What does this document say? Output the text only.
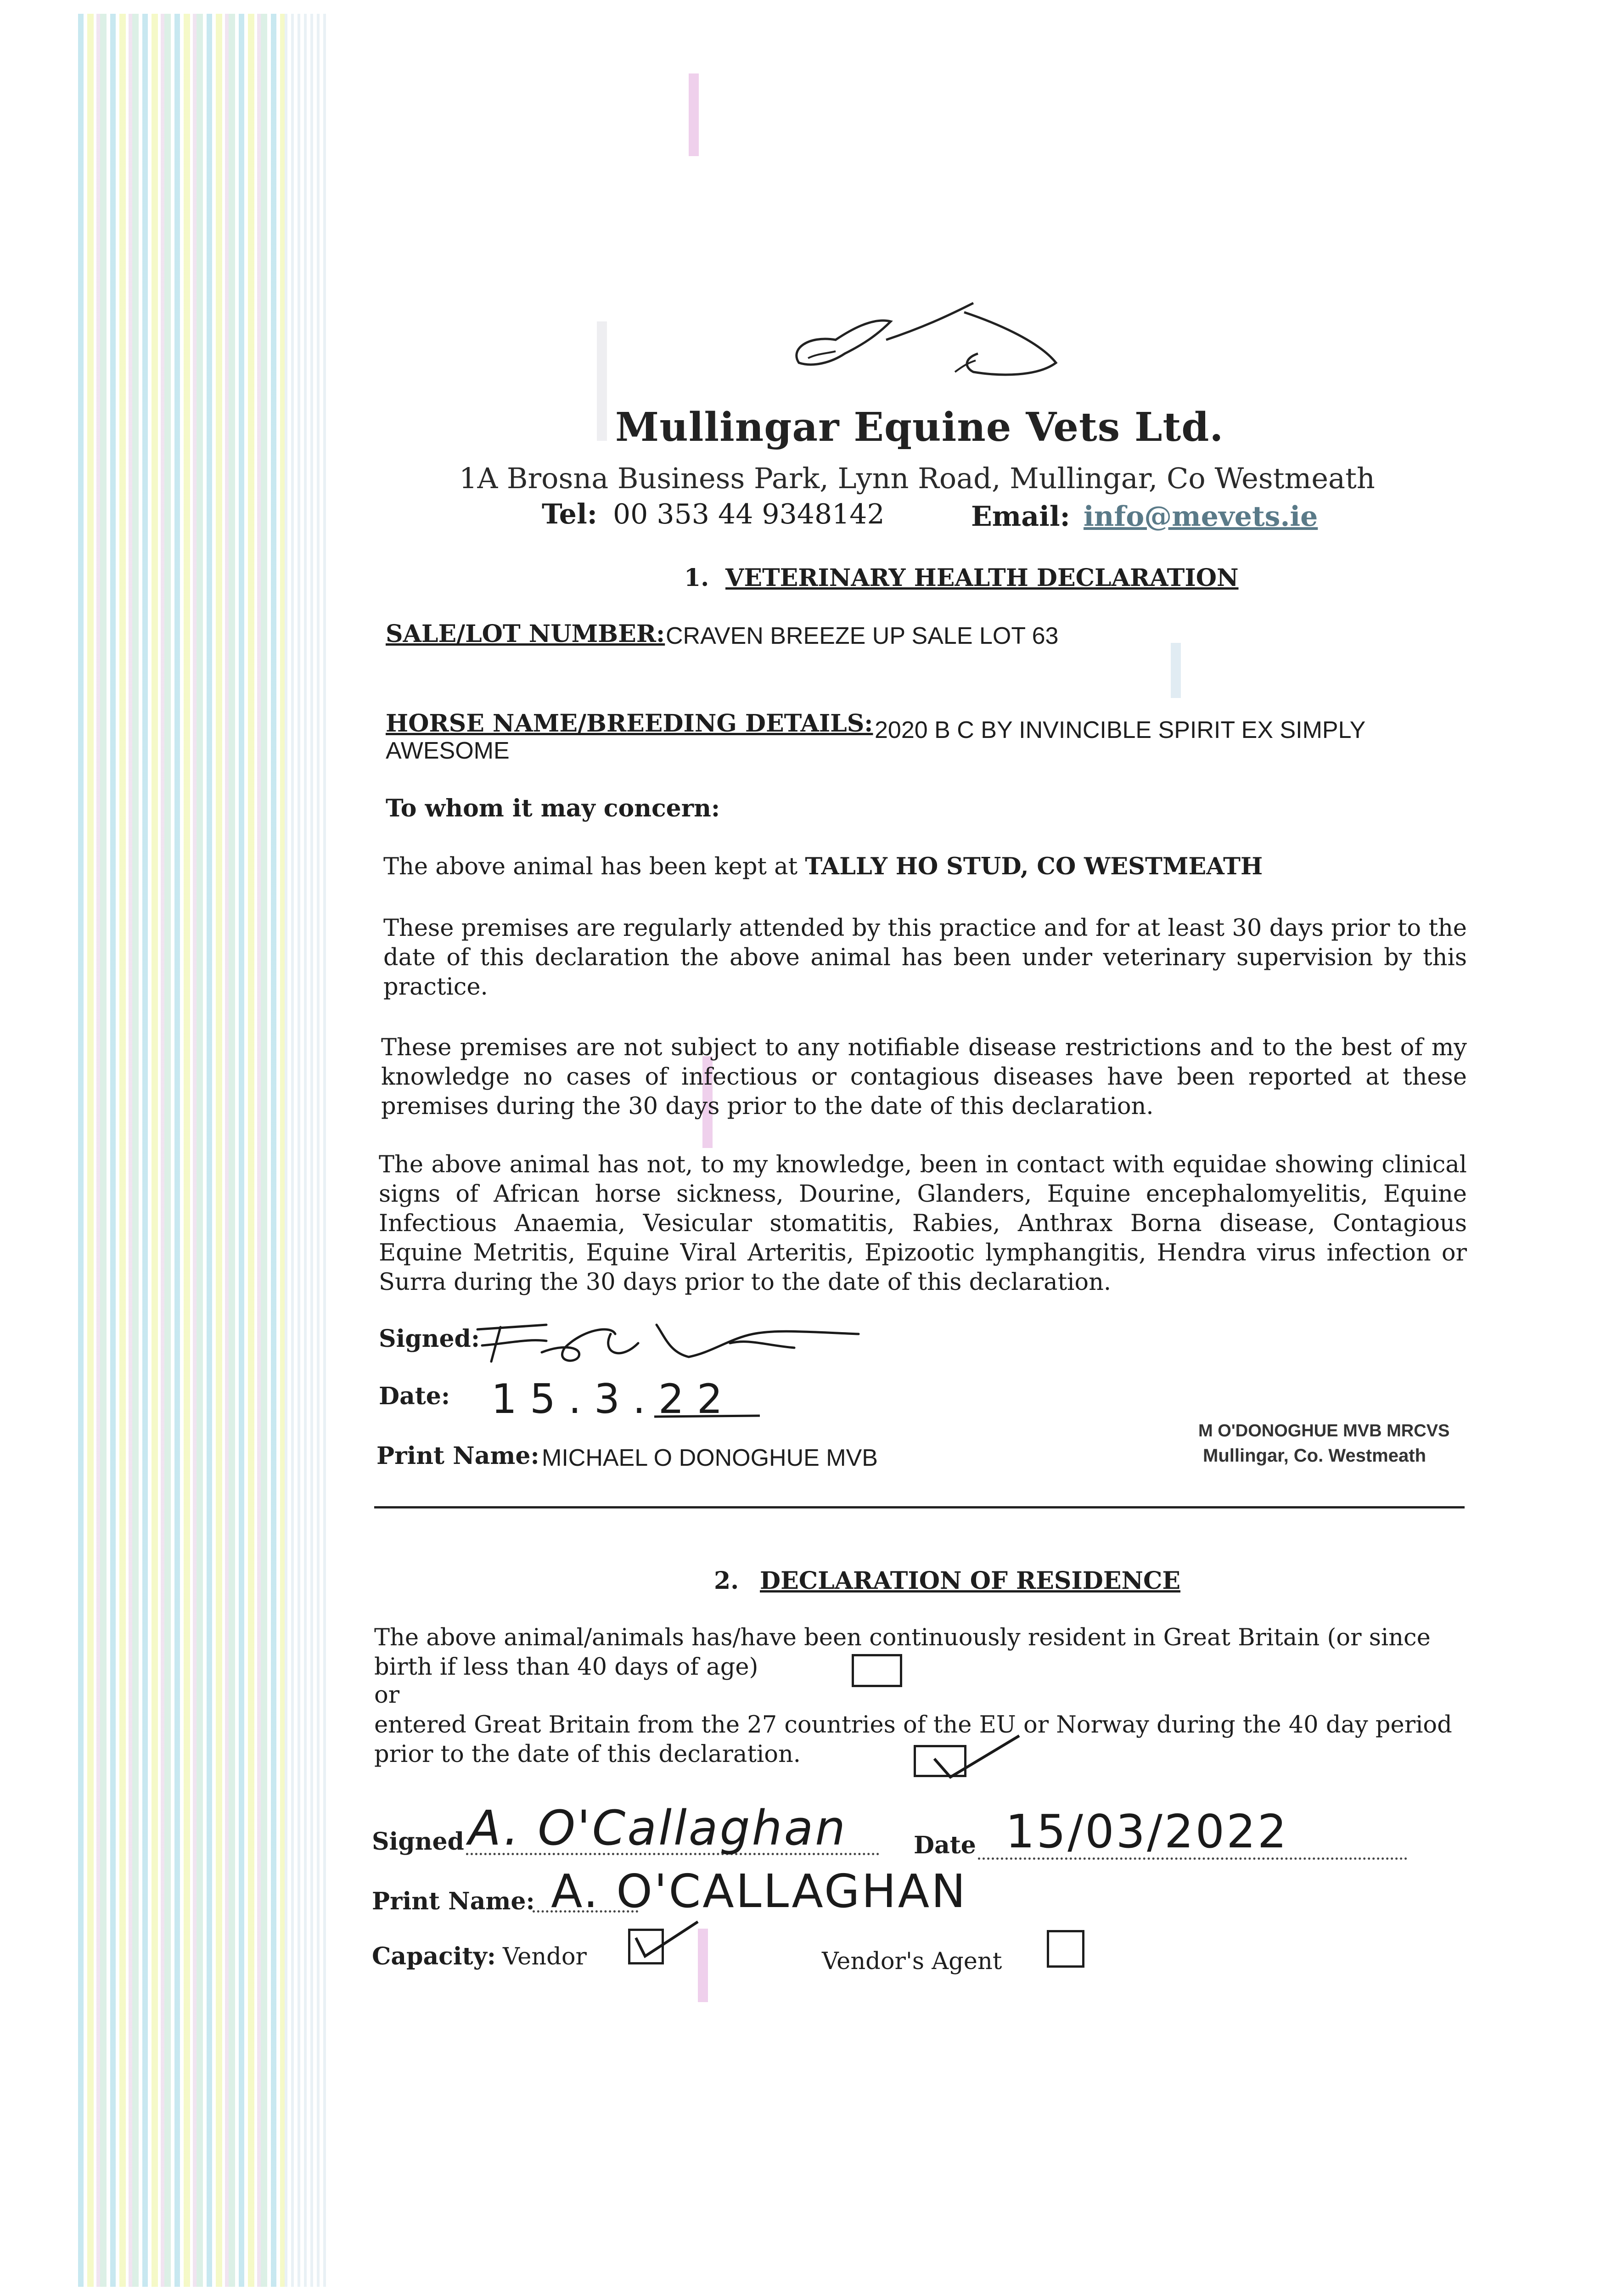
Mullingar Equine Vets Ltd.
1A Brosna Business Park, Lynn Road, Mullingar, Co Westmeath
Tel: 00 353 44 9348142	Email: info@mevets.ie
1. VETERINARY HEALTH DECLARATION
SALE/LOT NUMBER: CRAVEN BREEZE UP SALE LOT 63
HORSE NAME/BREEDING DETAILS: 2020 B C BY INVINCIBLE SPIRIT EX SIMPLY
AWESOME
To whom it may concern:
The above animal has been kept at TALLY HO STUD, CO WESTMEATH
These premises are regularly attended by this practice and for at least 30 days prior to the date of this declaration the above animal has been under veterinary supervision by this practice.
These premises are not subject to any notifiable disease restrictions and to the best of my knowledge no cases of infectious or contagious diseases have been reported at these premises during the 30 days prior to the date of this declaration.
The above animal has not, to my knowledge, been in contact with equidae showing clinical signs of African horse sickness, Dourine, Glanders, Equine encephalomyelitis, Equine Infectious Anaemia, Vesicular stomatitis, Rabies, Anthrax Borna disease, Contagious Equine Metritis, Equine Viral Arteritis, Epizootic lymphangitis, Hendra virus infection or Surra during the 30 days prior to the date of this declaration.
Signed:
Date: 15.3.22
Print Name: MICHAEL O DONOGHUE MVB
M O'DONOGHUE MVB MRCVS
Mullingar, Co. Westmeath
2. DECLARATION OF RESIDENCE
The above animal/animals has/have been continuously resident in Great Britain (or since birth if less than 40 days of age)
or
entered Great Britain from the 27 countries of the EU or Norway during the 40 day period prior to the date of this declaration.
Signed A. O'Callaghan	Date 15/03/2022
Print Name: A. O'CALLAGHAN
Capacity: Vendor	Vendor's Agent
